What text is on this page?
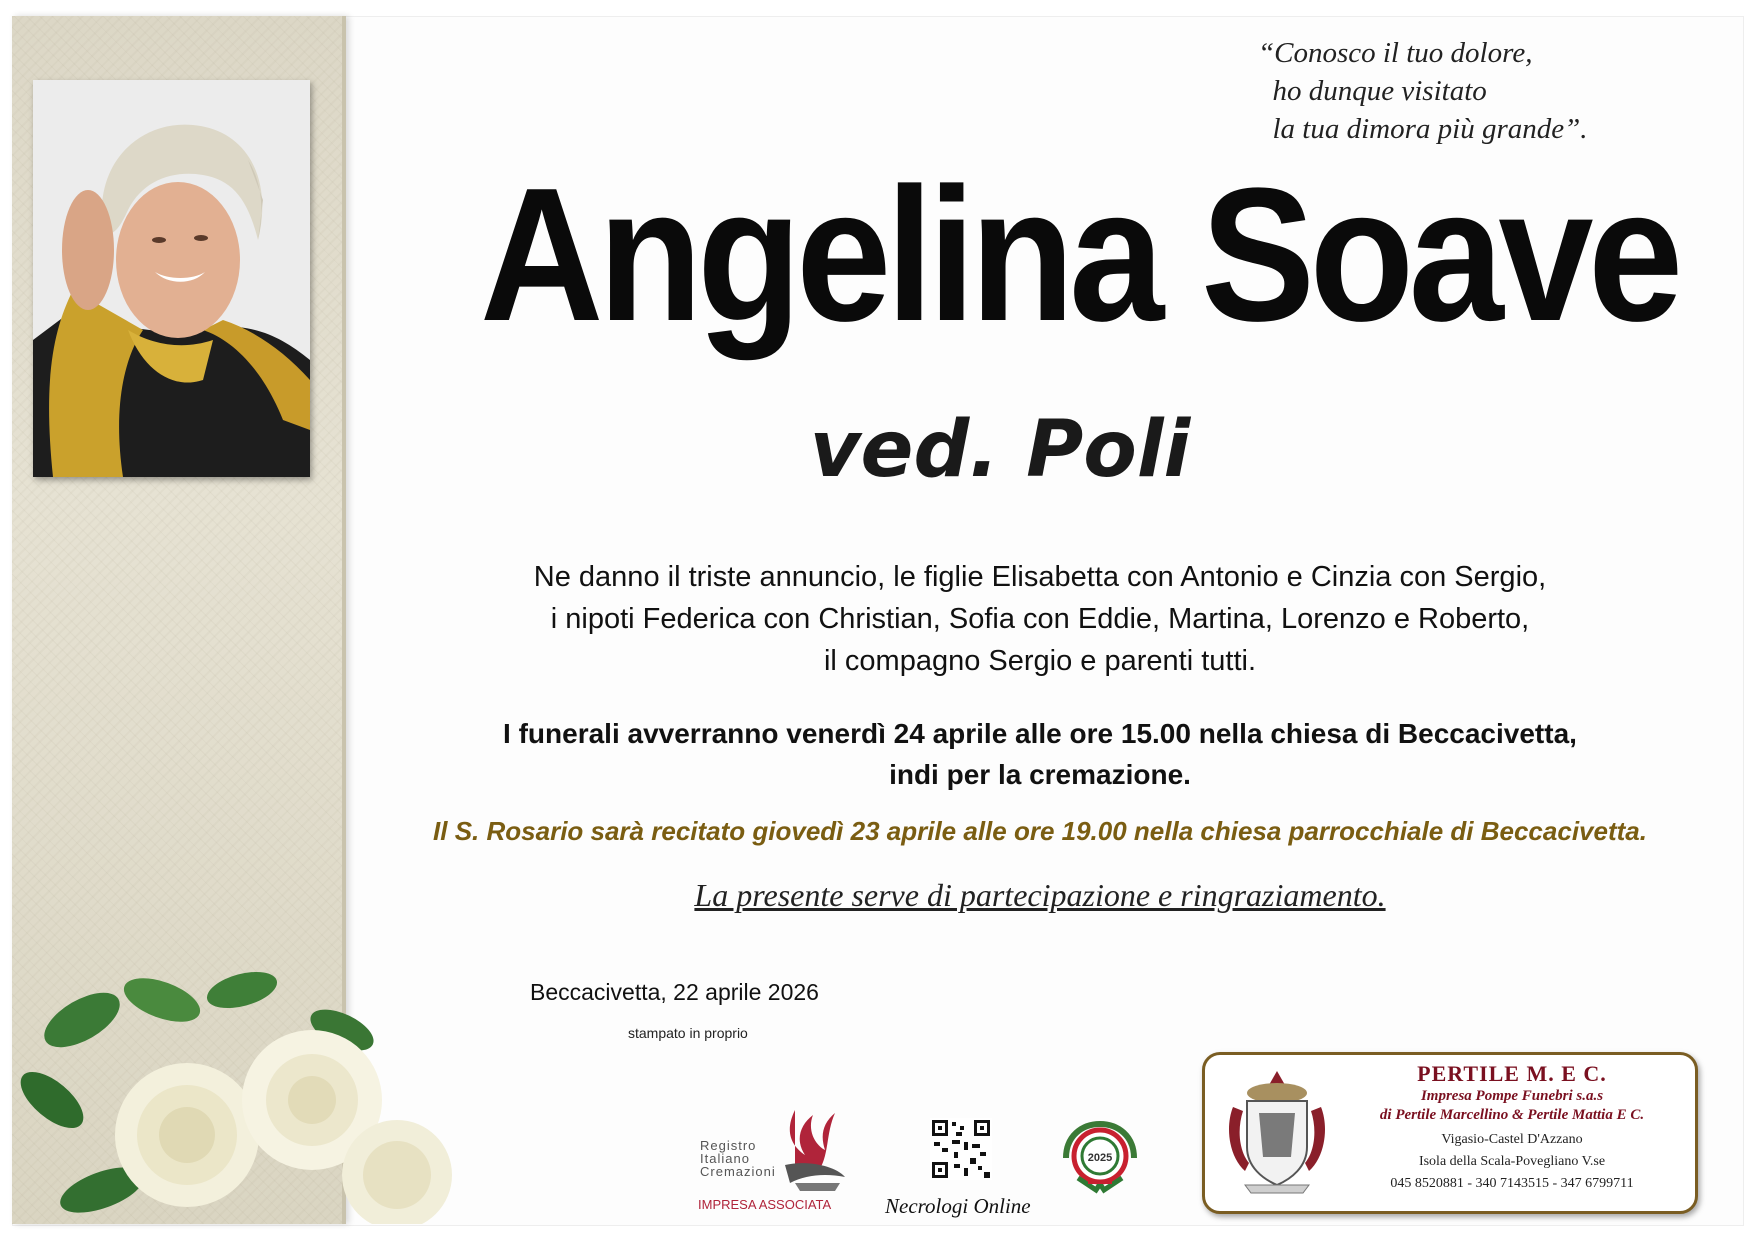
“Conosco il tuo dolore,
ho dunque visitato
la tua dimora più grande”.
Angelina Soave
ved. Poli
Ne danno il triste annuncio, le figlie Elisabetta con Antonio e Cinzia con Sergio,
i nipoti Federica con Christian, Sofia con Eddie, Martina, Lorenzo e Roberto,
il compagno Sergio e parenti tutti.
I funerali avverranno venerdì 24 aprile alle ore 15.00 nella chiesa di Beccacivetta,
indi per la cremazione.
Il S. Rosario sarà recitato giovedì 23 aprile alle ore 19.00 nella chiesa parrocchiale di Beccacivetta.
La presente serve di partecipazione e ringraziamento.
Beccacivetta, 22 aprile 2026
stampato in proprio
Registro
Italiano
Cremazioni
IMPRESA ASSOCIATA	Necrologi Online
2025
PERTILE M. E C.
Impresa Pompe Funebri s.a.s
di Pertile Marcellino & Pertile Mattia E C.
Vigasio-Castel D'Azzano
Isola della Scala-Povegliano V.se
045 8520881 - 340 7143515 - 347 6799711
